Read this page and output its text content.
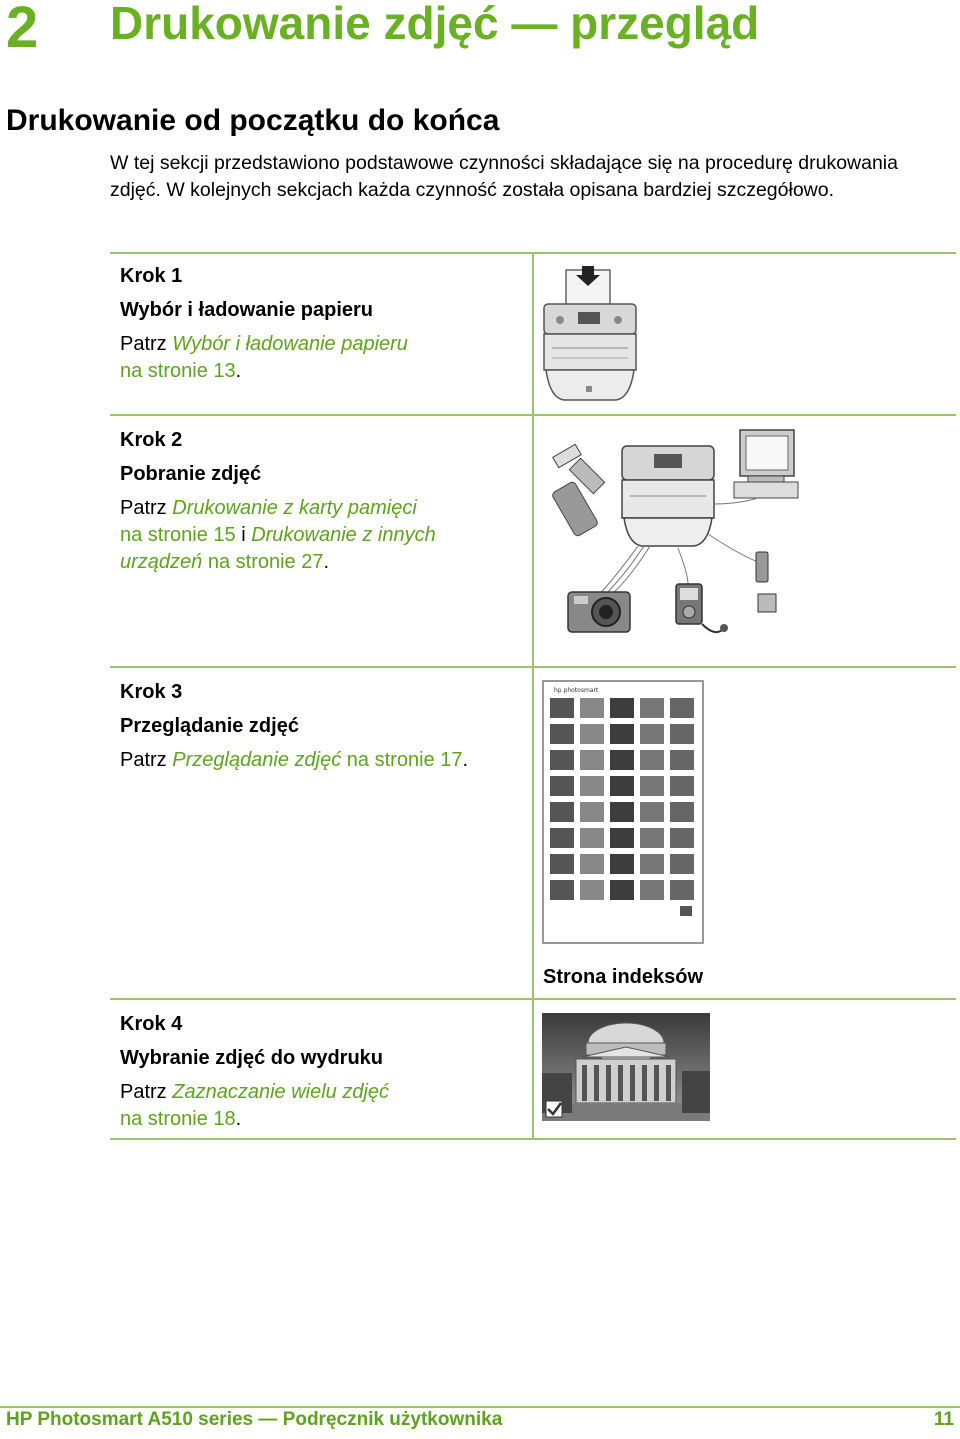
2 Drukowanie zdjęć — przegląd
Drukowanie od początku do końca
W tej sekcji przedstawiono podstawowe czynności składające się na procedurę drukowania zdjęć. W kolejnych sekcjach każda czynność została opisana bardziej szczegółowo.
Krok 1
Wybór i ładowanie papieru
Patrz Wybór i ładowanie papieru
na stronie 13.
Krok 2
Pobranie zdjęć
Patrz Drukowanie z karty pamięci
na stronie 15 i Drukowanie z innych urządzeń na stronie 27.
Krok 3
Przeglądanie zdjęć
Patrz Przeglądanie zdjęć na stronie 17.
Strona indeksów
Krok 4
Wybranie zdjęć do wydruku
Patrz Zaznaczanie wielu zdjęć
na stronie 18.
hp photosmart
HP Photosmart A510 series — Podręcznik użytkownika	11
